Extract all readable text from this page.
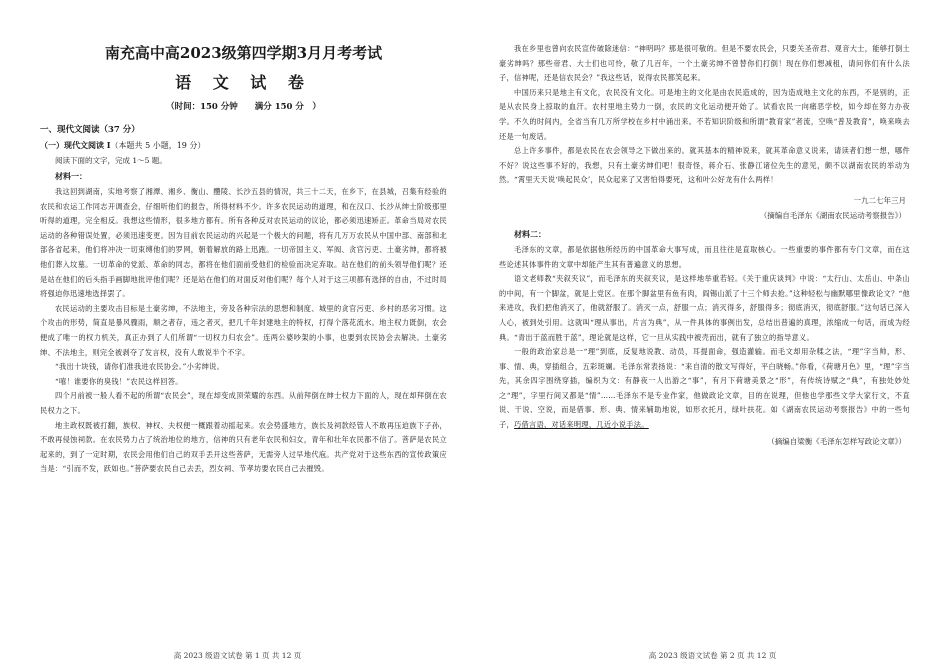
南充高中高2023级第四学期3月月考考试
语 文 试 卷
（时间：150 分钟　　满分 150 分　）
一、现代文阅读（37 分）
（一）现代文阅读 I（本题共 5 小题，19 分）
阅读下面的文字，完成 1～5 题。
材料一：

我这回到湖南，实地考察了湘潭、湘乡、衡山、醴陵、长沙五县的情况，共三十二天，在乡下，在县城，召集有经验的农民和农运工作同志开调查会，仔细听他们的报告，所得材料不少。许多农民运动的道理，和在汉口、长沙从绅士阶级那里听得的道理，完全相反。我想这些情形，很多地方都有。所有各种反对农民运动的议论，都必须迅速矫正。革命当局对农民运动的各种错误处置，必须迅速变更。因为目前农民运动的兴起是一个极大的问题，将有几万万农民从中国中部、南部和北部各省起来，他们将冲决一切束缚他们的罗网，朝着解放的路上迅跑。一切帝国主义、军阀、贪官污吏、土豪劣绅，都将被他们葬入坟墓。一切革命的党派、革命的同志，都将在他们面前受他们的检验而决定弃取。站在他们的前头领导他们呢？还是站在他们的后头指手画脚地批评他们呢？还是站在他们的对面反对他们呢？每个人对于这三项都有选择的自由，不过时局将强迫你迅速地选择罢了。

农民运动的主要攻击目标是土豪劣绅，不法地主，旁及各种宗法的思想和制度、城里的贪官污吏、乡村的恶劣习惯。这个攻击的形势，简直是暴风骤雨，顺之者存，违之者灭，把几千年封建地主的特权，打得个落花流水。地主权力既倒，农会便成了唯一的权力机关，真正办到了人们所谓“一切权力归农会”。连两公婆吵架的小事，也要到农民协会去解决。土豪劣绅、不法地主，则完全被剥夺了发言权，没有人敢说半个不字。

“我出十块钱，请你们准我进农民协会。”小劣绅说。

“嘻！谁要你的臭钱！”农民这样回答。

四个月前被一般人看不起的所谓“农民会”，现在却变成顶荣耀的东西。从前拜倒在绅士权力下面的人，现在却拜倒在农民权力之下。

地主政权既被打翻，族权、神权、夫权便一概跟着动摇起来。农会势盛地方，族长及祠款经管人不敢再压迫族下子孙，不敢再侵蚀祠款。在农民势力占了统治地位的地方，信神的只有老年农民和妇女，青年和壮年农民都不信了。菩萨是农民立起来的，到了一定时期，农民会用他们自己的双手丢开这些菩萨，无需旁人过早地代庖。共产党对于这些东西的宣传政策应当是：“引而不发，跃如也。”菩萨要农民自己去丢，烈女祠、节孝坊要农民自己去摧毁。

高 2023 级语文试卷 第 1 页 共 12 页

我在乡里也曾向农民宣传破除迷信：“神明吗？那是很可敬的。但是不要农民会，只要关圣帝君、观音大士，能够打倒土豪劣绅吗？那些帝君、大士们也可怜，敬了几百年，一个土豪劣绅不曾替你们打倒！现在你们想减租，请问你们有什么法子，信神呢，还是信农民会？”我这些话，说得农民都笑起来。

中国历来只是地主有文化，农民没有文化。可是地主的文化是由农民造成的，因为造成地主文化的东西，不是别的，正是从农民身上掠取的血汗。农村里地主势力一倒，农民的文化运动便开始了。试看农民一向痛恶学校，如今却在努力办夜学。不久的时间内，全省当有几万所学校在乡村中涌出来。不若知识阶级和所谓“教育家”者流，空唤“普及教育”，唤来唤去还是一句废话。

总上许多事件，都是农民在农会领导之下做出来的。就其基本的精神说来，就其革命意义说来，请读者们想一想，哪件不好？说这些事不好的，我想，只有土豪劣绅们吧！很奇怪，蒋介石、张静江诸位先生的意见，颇不以湖南农民的举动为然。“霄里天天说‘唤起民众’，民众起来了又害怕得要死，这和叶公好龙有什么两样！

一九二七年三月
（摘编自毛泽东《湖南农民运动考察报告》）
材料二：

毛泽东的文章，都是依据他所经历的中国革命大事写成，而且往往是直取核心。一些重要的事件都有专门文章，而在这些论述其体事件的文章中却能产生其有普遍意义的思想。

语文老师教“夹叙夹议”，而毛泽东的夹叙夹议，是这样地举重若轻。《关于重庆谈判》中说：“太行山、太岳山、中条山的中间，有一个脚盆，就是上党区。在那个脚盆里有鱼有肉，阎锡山派了十三个师去抢。”这种轻松与幽默哪里像政论文？“他来进攻，我们把他消灭了，他就舒服了。消灭一点，舒服一点；消灭得多，舒服得多；彻底消灭，彻底舒服。”这句话已深入人心，被到处引用。这就叫“理从事出，片言为典”，从一件具体的事例出发，总结出普遍的真理，浓缩成一句话，而成为经典。“青出于蓝而胜于蓝”，理论就是这样，它一旦从实践中被壳而出，就有了独立的指导意义。

一般的政治家总是一“理”到底，反复地说教、动员，耳提面命，强造灌输。而毛文却用杂糅之法，“理”字当帅，形、事、情、典，穿插组合，五彩斑斓。毛泽东常表扬说：“来自清的散文写得好，平白晓畅。”你看，《荷塘月色》里，“理”字当先，其余四字围绕穿插，编织为文：有静夜一人出游之“事”，有月下荷塘美景之“形”，有传统诗赋之“典”，有独处妙处之“理”，字里行间又都是“情”……毛泽东不是专业作家，他做政论文章，目的在说理，但他也学那些文学大家行文，不直说、干说、空说，而是借事、形、典、情来辅助地说，如形衣托月，绿叶扶花。如《湖南农民运动考察报告》中的一些句子，巧借言语、对话来明理，几近小说手法。

（摘编自梁衡《毛泽东怎样写政论文章》）
高 2023 级语文试卷 第 2 页 共 12 页
